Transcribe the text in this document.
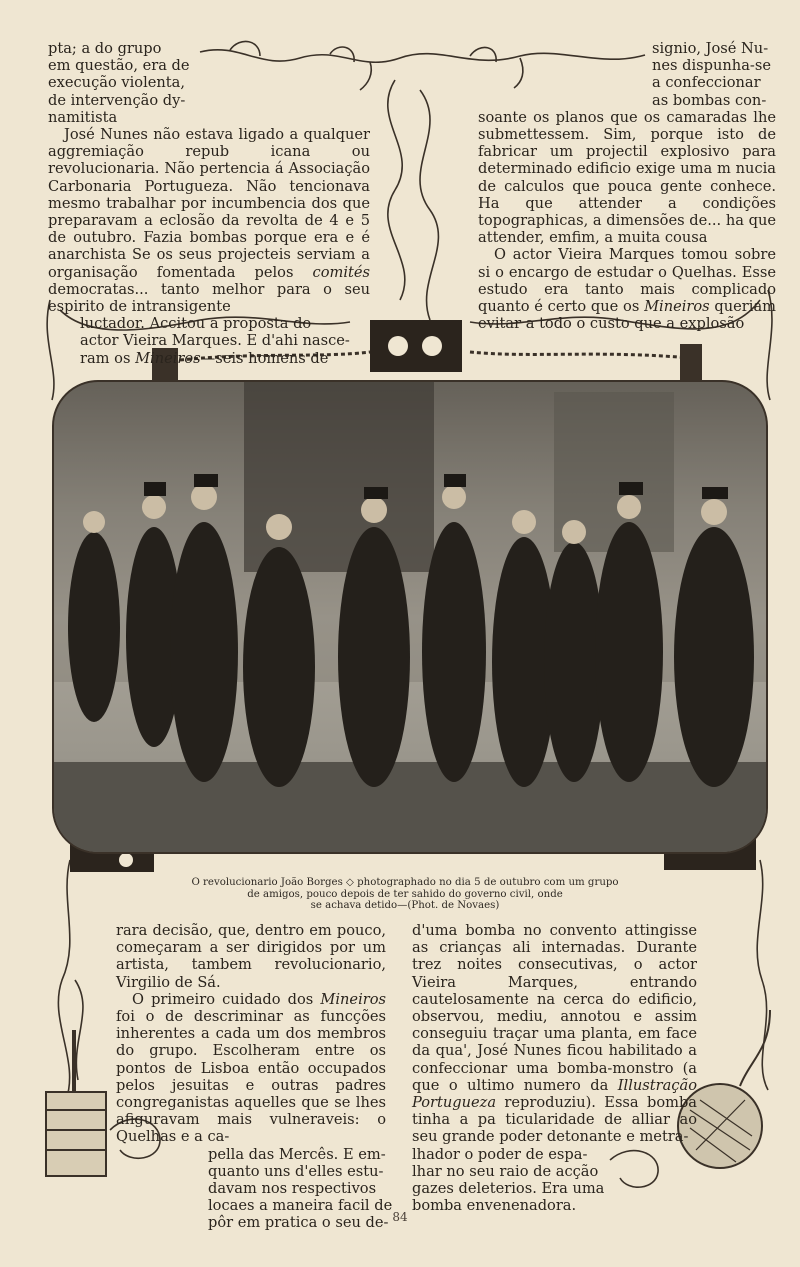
pta; a do grupo
em questão, era de
execução violenta,
de intervenção dy-
namitista

José Nunes não estava ligado a qualquer aggremiação repub icana ou revolucionaria. Não pertencia á Associação Carbonaria Portugueza. Não tencionava mesmo trabalhar por incumbencia dos que preparavam a eclosão da revolta de 4 e 5 de outubro. Fazia bombas porque era e é anarchista Se os seus projecteis serviam a organisação fomentada pelos comités democratas... tanto melhor para o seu espirito de intransigente

luctador. Accitou a proposta do
actor Vieira Marques. E d'ahi nasce-
ram os Mineiros—seis homens de

signio, José Nu-
nes dispunha-se
a confeccionar
as bombas con-

soante os planos que os camaradas lhe submettessem. Sim, porque isto de fabricar um projectil explosivo para determinado edificio exige uma m nucia de calculos que pouca gente conhece. Ha que attender a condições topographicas, a dimensões de... ha que attender, emfim, a muita cousa

O actor Vieira Marques tomou sobre si o encargo de estudar o Quelhas. Esse estudo era tanto mais complicado quanto é certo que os Mineiros queriam evitar a todo o custo que a explosão

O revolucionario João Borges ◇ photographado no dia 5 de outubro com um grupo
de amigos, pouco depois de ter sahido do governo civil, onde
se achava detido—(Phot. de Novaes)

rara decisão, que, dentro em pouco, começaram a ser dirigidos por um artista, tambem revolucionario, Virgilio de Sá.

O primeiro cuidado dos Mineiros foi o de descriminar as funcções inherentes a cada um dos membros do grupo. Escolheram entre os pontos de Lisboa então occupados pelos jesuitas e outras padres congreganistas aquelles que se lhes afiguravam mais vulneraveis: o Quelhas e a ca-

pella das Mercês. E em-
quanto uns d'elles estu-
davam nos respectivos
locaes a maneira facil de
pôr em pratica o seu de-

d'uma bomba no convento attingisse as crianças ali internadas. Durante trez noites consecutivas, o actor Vieira Marques, entrando cautelosamente na cerca do edificio, observou, mediu, annotou e assim conseguiu traçar uma planta, em face da qua', José Nunes ficou habilitado a confeccionar uma bomba-monstro (a que o ultimo numero da Illustração Portugueza reproduziu). Essa bomba tinha a pa ticularidade de alliar ao seu grande poder detonante e metra-

lhador o poder de espa-
lhar no seu raio de acção
gazes deleterios. Era uma
bomba envenenadora.

84
